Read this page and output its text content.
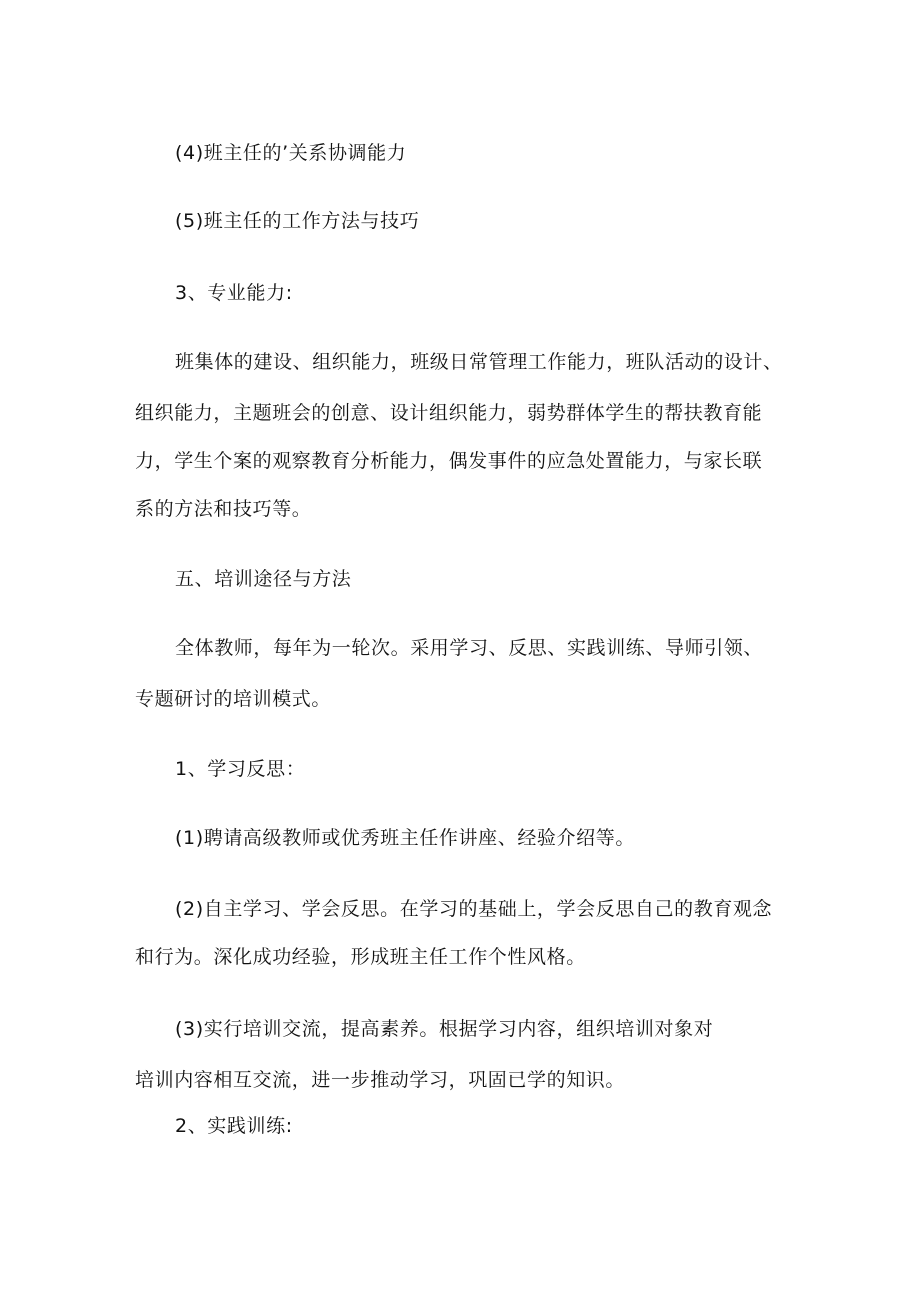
(4)班主任的’关系协调能力
(5)班主任的工作方法与技巧
3、专业能力:
班集体的建设、组织能力，班级日常管理工作能力，班队活动的设计、
组织能力，主题班会的创意、设计组织能力，弱势群体学生的帮扶教育能
力，学生个案的观察教育分析能力，偶发事件的应急处置能力，与家长联
系的方法和技巧等。
五、培训途径与方法
全体教师，每年为一轮次。采用学习、反思、实践训练、导师引领、
专题研讨的培训模式。
1、学习反思：
(1)聘请高级教师或优秀班主任作讲座、经验介绍等。
(2)自主学习、学会反思。在学习的基础上，学会反思自己的教育观念
和行为。深化成功经验，形成班主任工作个性风格。
(3)实行培训交流，提高素养。根据学习内容，组织培训对象对
培训内容相互交流，进一步推动学习，巩固已学的知识。
2、实践训练:
